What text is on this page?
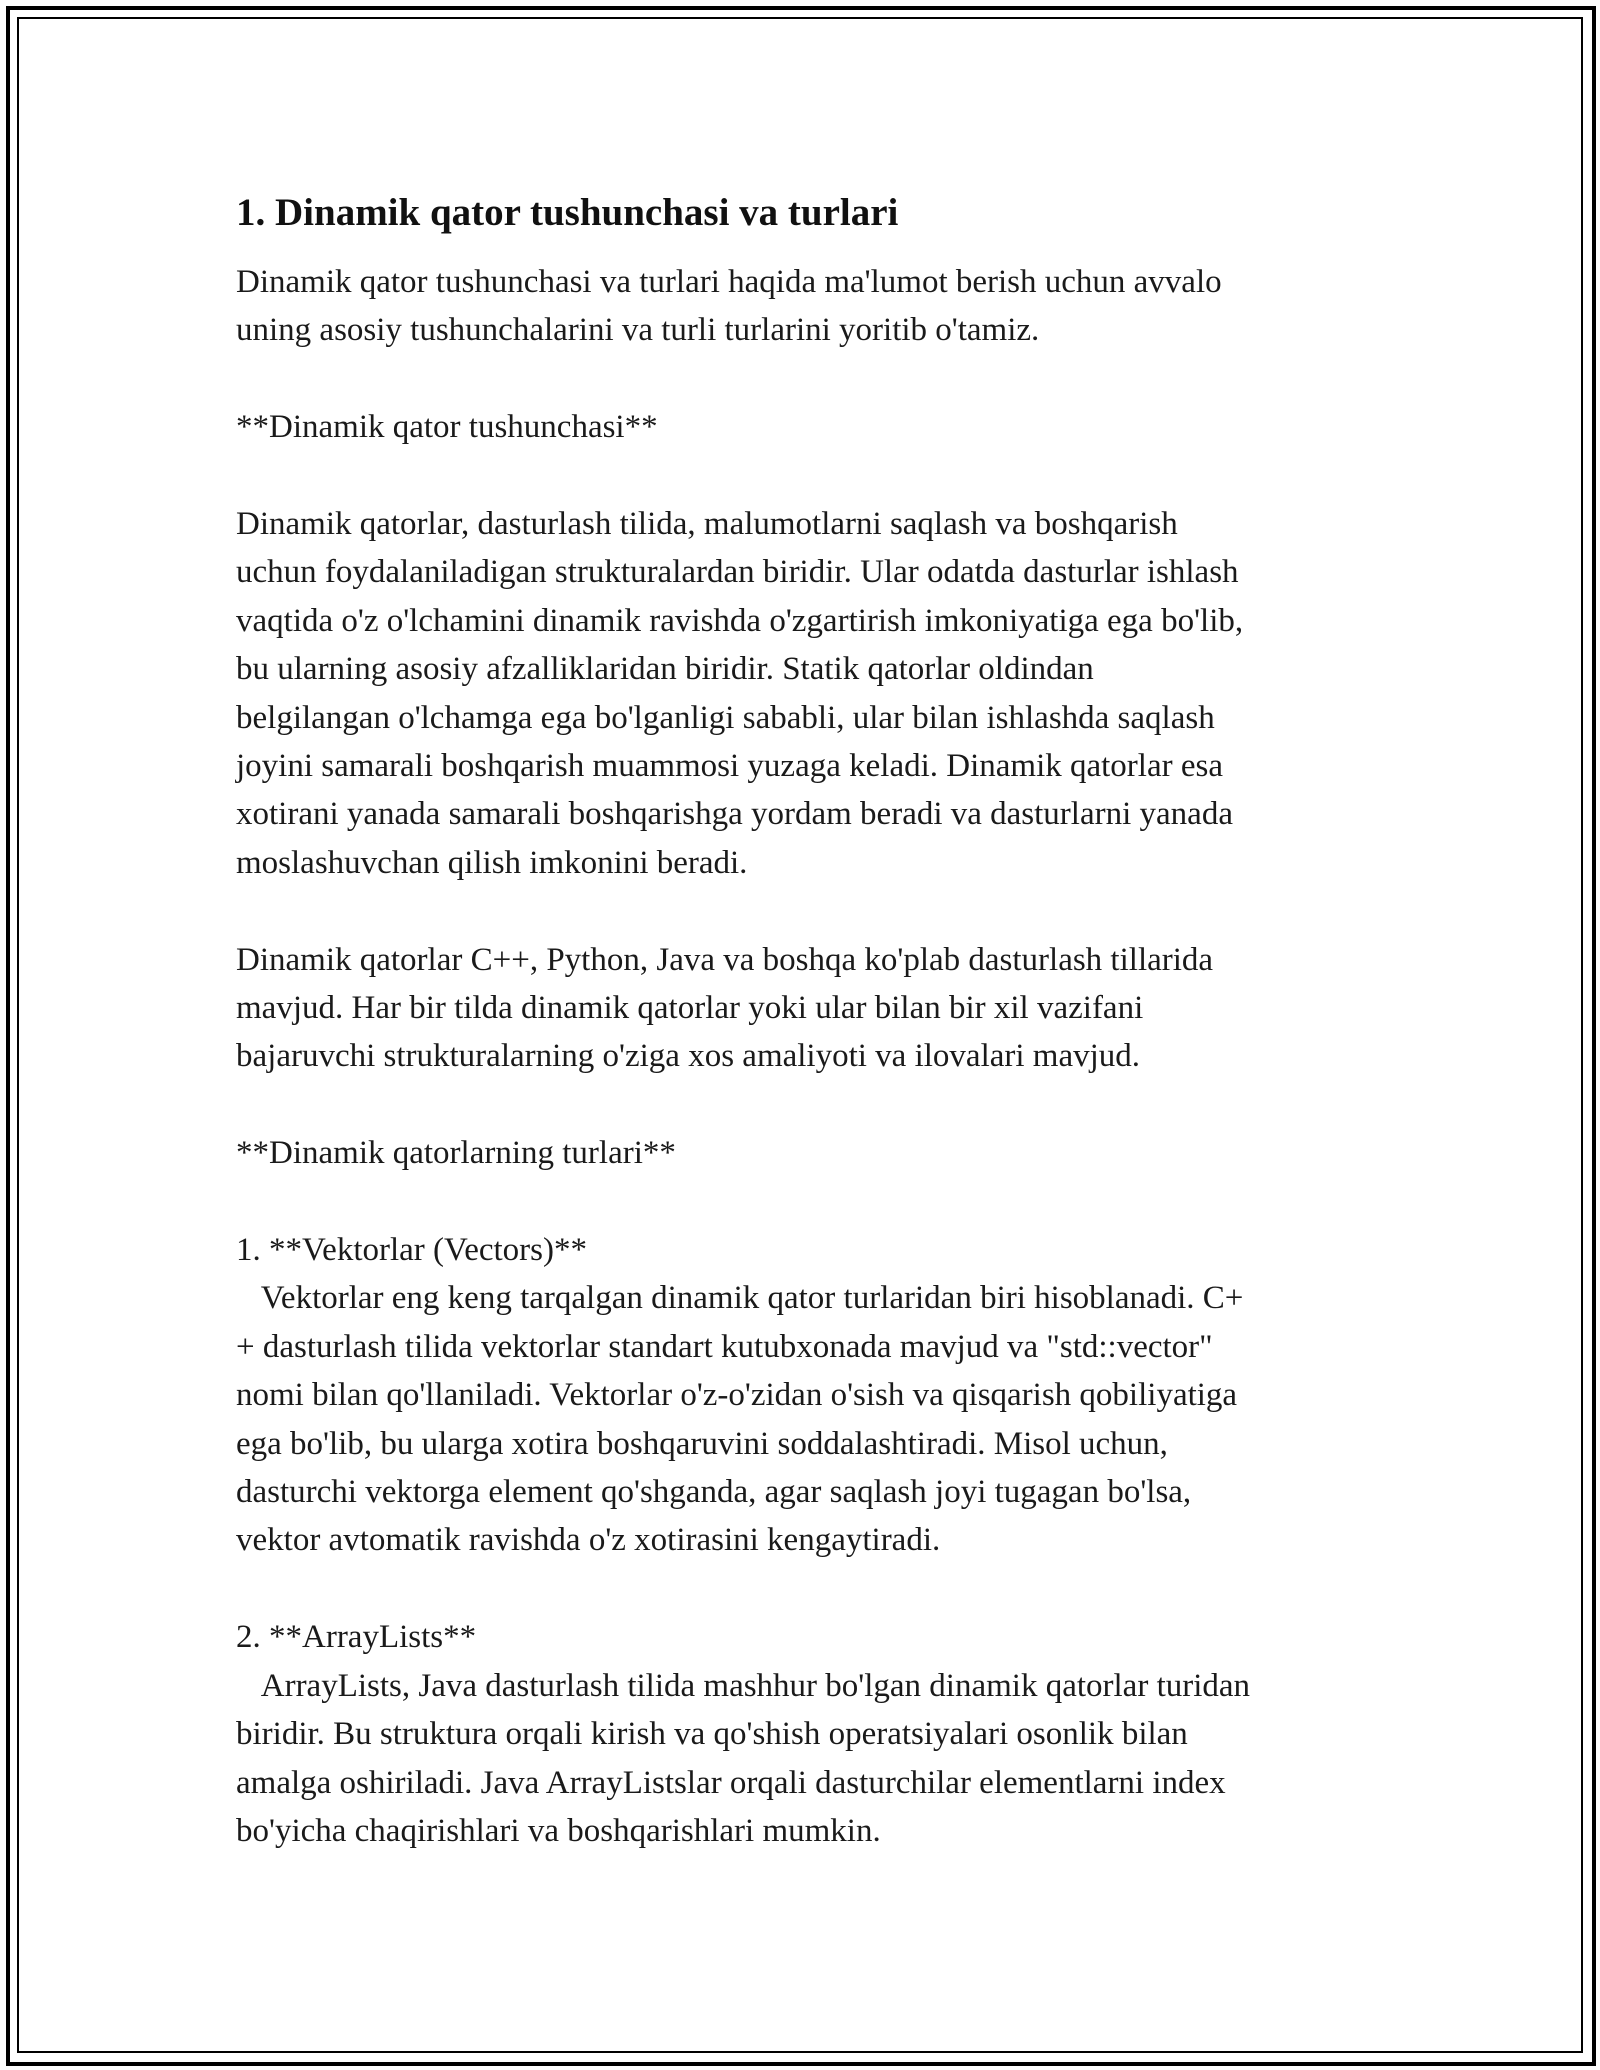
1. Dinamik qator tushunchasi va turlari

Dinamik qator tushunchasi va turlari haqida ma'lumot berish uchun avvalo
uning asosiy tushunchalarini va turli turlarini yoritib o'tamiz.

**Dinamik qator tushunchasi**

Dinamik qatorlar, dasturlash tilida, malumotlarni saqlash va boshqarish
uchun foydalaniladigan strukturalardan biridir. Ular odatda dasturlar ishlash
vaqtida o'z o'lchamini dinamik ravishda o'zgartirish imkoniyatiga ega bo'lib,
bu ularning asosiy afzalliklaridan biridir. Statik qatorlar oldindan
belgilangan o'lchamga ega bo'lganligi sababli, ular bilan ishlashda saqlash
joyini samarali boshqarish muammosi yuzaga keladi. Dinamik qatorlar esa
xotirani yanada samarali boshqarishga yordam beradi va dasturlarni yanada
moslashuvchan qilish imkonini beradi.

Dinamik qatorlar C++, Python, Java va boshqa ko'plab dasturlash tillarida
mavjud. Har bir tilda dinamik qatorlar yoki ular bilan bir xil vazifani
bajaruvchi strukturalarning o'ziga xos amaliyoti va ilovalari mavjud.

**Dinamik qatorlarning turlari**

1. **Vektorlar (Vectors)**

Vektorlar eng keng tarqalgan dinamik qator turlaridan biri hisoblanadi. C+
+ dasturlash tilida vektorlar standart kutubxonada mavjud va "std::vector"
nomi bilan qo'llaniladi. Vektorlar o'z-o'zidan o'sish va qisqarish qobiliyatiga
ega bo'lib, bu ularga xotira boshqaruvini soddalashtiradi. Misol uchun,
dasturchi vektorga element qo'shganda, agar saqlash joyi tugagan bo'lsa,
vektor avtomatik ravishda o'z xotirasini kengaytiradi.

2. **ArrayLists**

ArrayLists, Java dasturlash tilida mashhur bo'lgan dinamik qatorlar turidan
biridir. Bu struktura orqali kirish va qo'shish operatsiyalari osonlik bilan
amalga oshiriladi. Java ArrayListslar orqali dasturchilar elementlarni index
bo'yicha chaqirishlari va boshqarishlari mumkin.
